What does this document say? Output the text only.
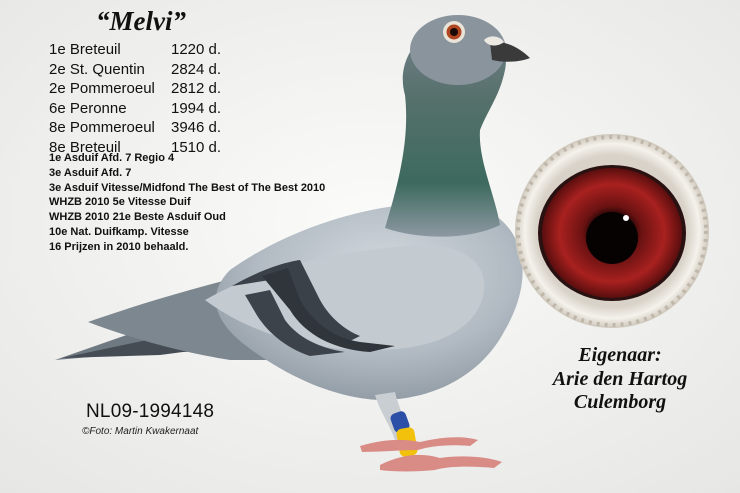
“Melvi”
1e Breteuil	1220 d.
2e St. Quentin	2824 d.
2e Pommeroeul	2812 d.
6e Peronne	1994 d.
8e Pommeroeul	3946 d.
8e Breteuil	1510 d.
1e Asduif Afd. 7 Regio 4
3e Asduif Afd. 7
3e Asduif Vitesse/Midfond The Best of The Best 2010
WHZB 2010 5e Vitesse Duif
WHZB 2010 21e Beste Asduif Oud
10e Nat. Duifkamp. Vitesse
16 Prijzen in 2010 behaald.
NL09-1994148
©Foto: Martin Kwakernaat
Eigenaar:
Arie den Hartog
Culemborg
